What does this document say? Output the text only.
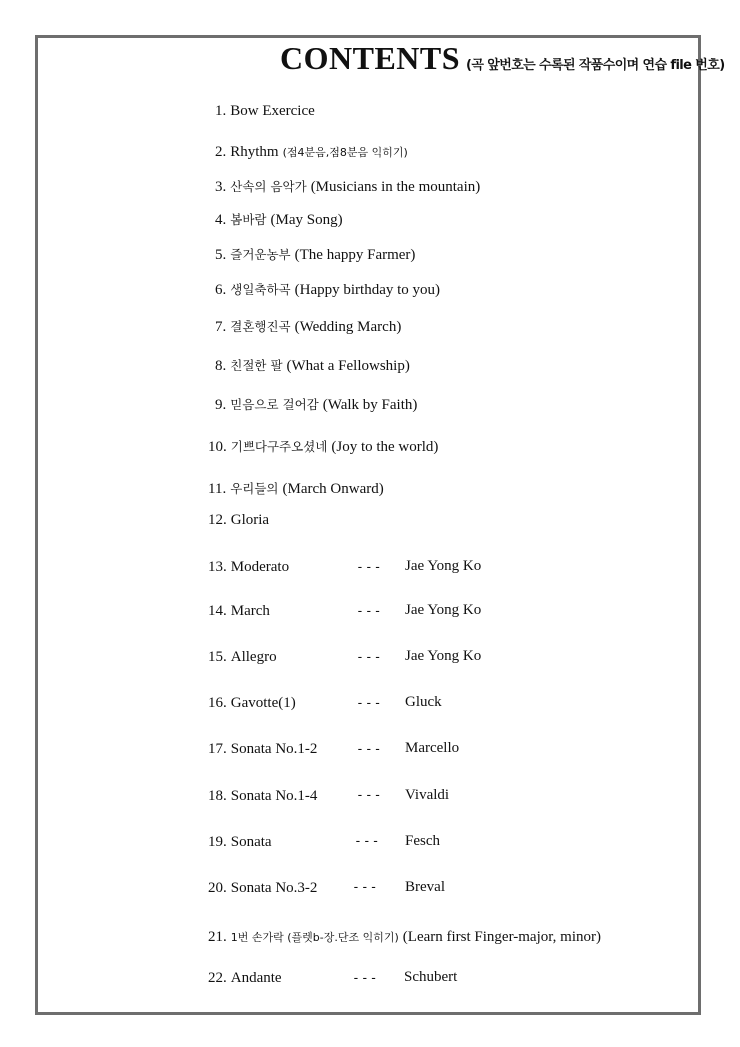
CONTENTS (곡 앞번호는 수록된 작품수이며 연습 file 번호)
1. Bow Exercice
2. Rhythm (점4분음,점8분음 익히기)
3. 산속의 음악가 (Musicians in the mountain)
4. 봄바람 (May Song)
5. 즐거운농부 (The happy Farmer)
6. 생일축하곡 (Happy birthday to you)
7. 결혼행진곡 (Wedding March)
8. 친절한 팔 (What a Fellowship)
9. 믿음으로 걸어감 (Walk by Faith)
10. 기쁘다구주오셨네 (Joy to the world)
11. 우리들의 (March Onward)
12. Gloria
13. Moderato	--- Jae Yong Ko
14. March	--- Jae Yong Ko
15. Allegro	--- Jae Yong Ko
16. Gavotte(1)	--- Gluck
17. Sonata No.1-2	--- Marcello
18. Sonata No.1-4	--- Vivaldi
19. Sonata	--- Fesch
20. Sonata No.3-2	--- Breval
21. 1번 손가락 (플렛b-장.단조 익히기) (Learn first Finger-major, minor)
22. Andante	--- Schubert
